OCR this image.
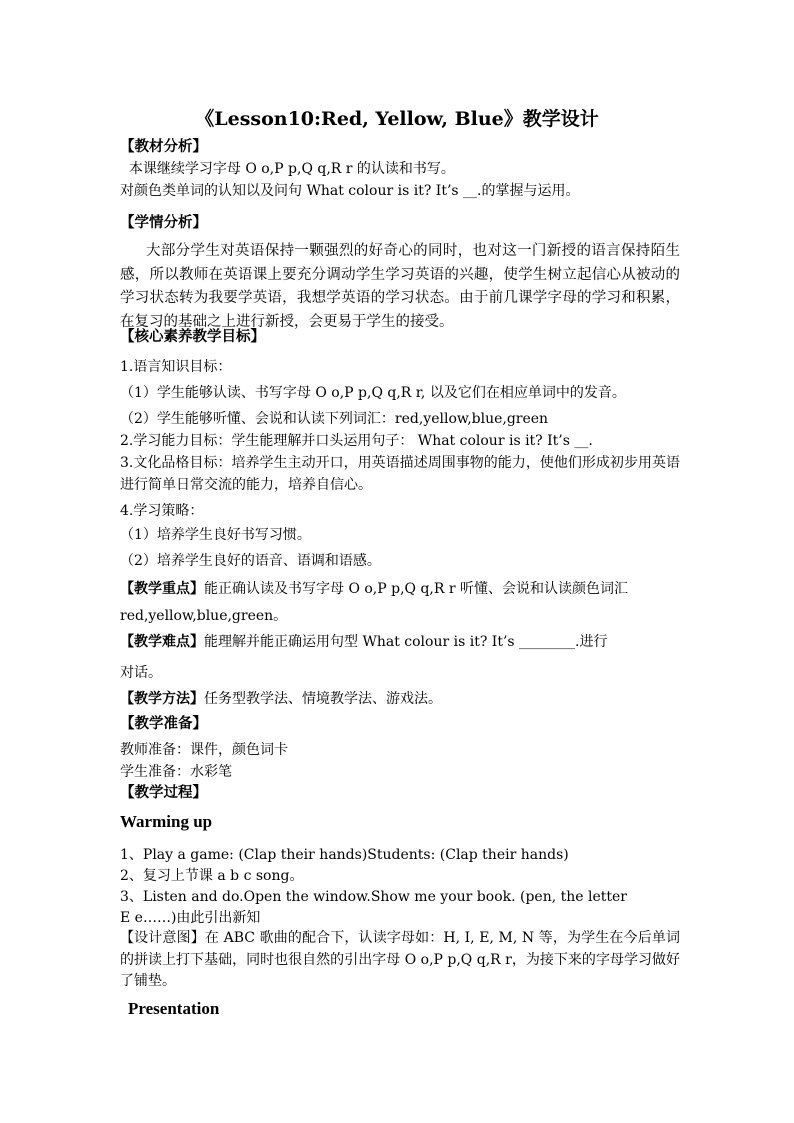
《Lesson10:Red, Yellow, Blue》教学设计
【教材分析】
本课继续学习字母 O o,P p,Q q,R r 的认读和书写。
对颜色类单词的认知以及问句 What colour is it? It’s __.的掌握与运用。
【学情分析】
大部分学生对英语保持一颗强烈的好奇心的同时，也对这一门新授的语言保持陌生感，所以教师在英语课上要充分调动学生学习英语的兴趣，使学生树立起信心从被动的学习状态转为我要学英语，我想学英语的学习状态。由于前几课学字母的学习和积累，在复习的基础之上进行新授，会更易于学生的接受。
【核心素养教学目标】
1.语言知识目标：
（1）学生能够认读、书写字母 O o,P p,Q q,R r, 以及它们在相应单词中的发音。
（2）学生能够听懂、会说和认读下列词汇：red,yellow,blue,green
2.学习能力目标：学生能理解并口头运用句子： What colour is it? It’s __.
3.文化品格目标：培养学生主动开口，用英语描述周围事物的能力，使他们形成初步用英语进行简单日常交流的能力，培养自信心。
4.学习策略：
（1）培养学生良好书写习惯。
（2）培养学生良好的语音、语调和语感。
【教学重点】能正确认读及书写字母 O o,P p,Q q,R r 听懂、会说和认读颜色词汇
red,yellow,blue,green。
【教学难点】能理解并能正确运用句型 What colour is it? It’s ________.进行
对话。
【教学方法】任务型教学法、情境教学法、游戏法。
【教学准备】
教师准备：课件，颜色词卡
学生准备：水彩笔
【教学过程】
Warming up
1、Play a game: (Clap their hands)Students: (Clap their hands)
2、复习上节课 a b c song。
3、Listen and do.Open the window.Show me your book. (pen, the letter
E e……)由此引出新知
【设计意图】在 ABC 歌曲的配合下，认读字母如：H, I, E, M, N 等，为学生在今后单词的拼读上打下基础，同时也很自然的引出字母 O o,P p,Q q,R r，为接下来的字母学习做好了铺垫。
Presentation
